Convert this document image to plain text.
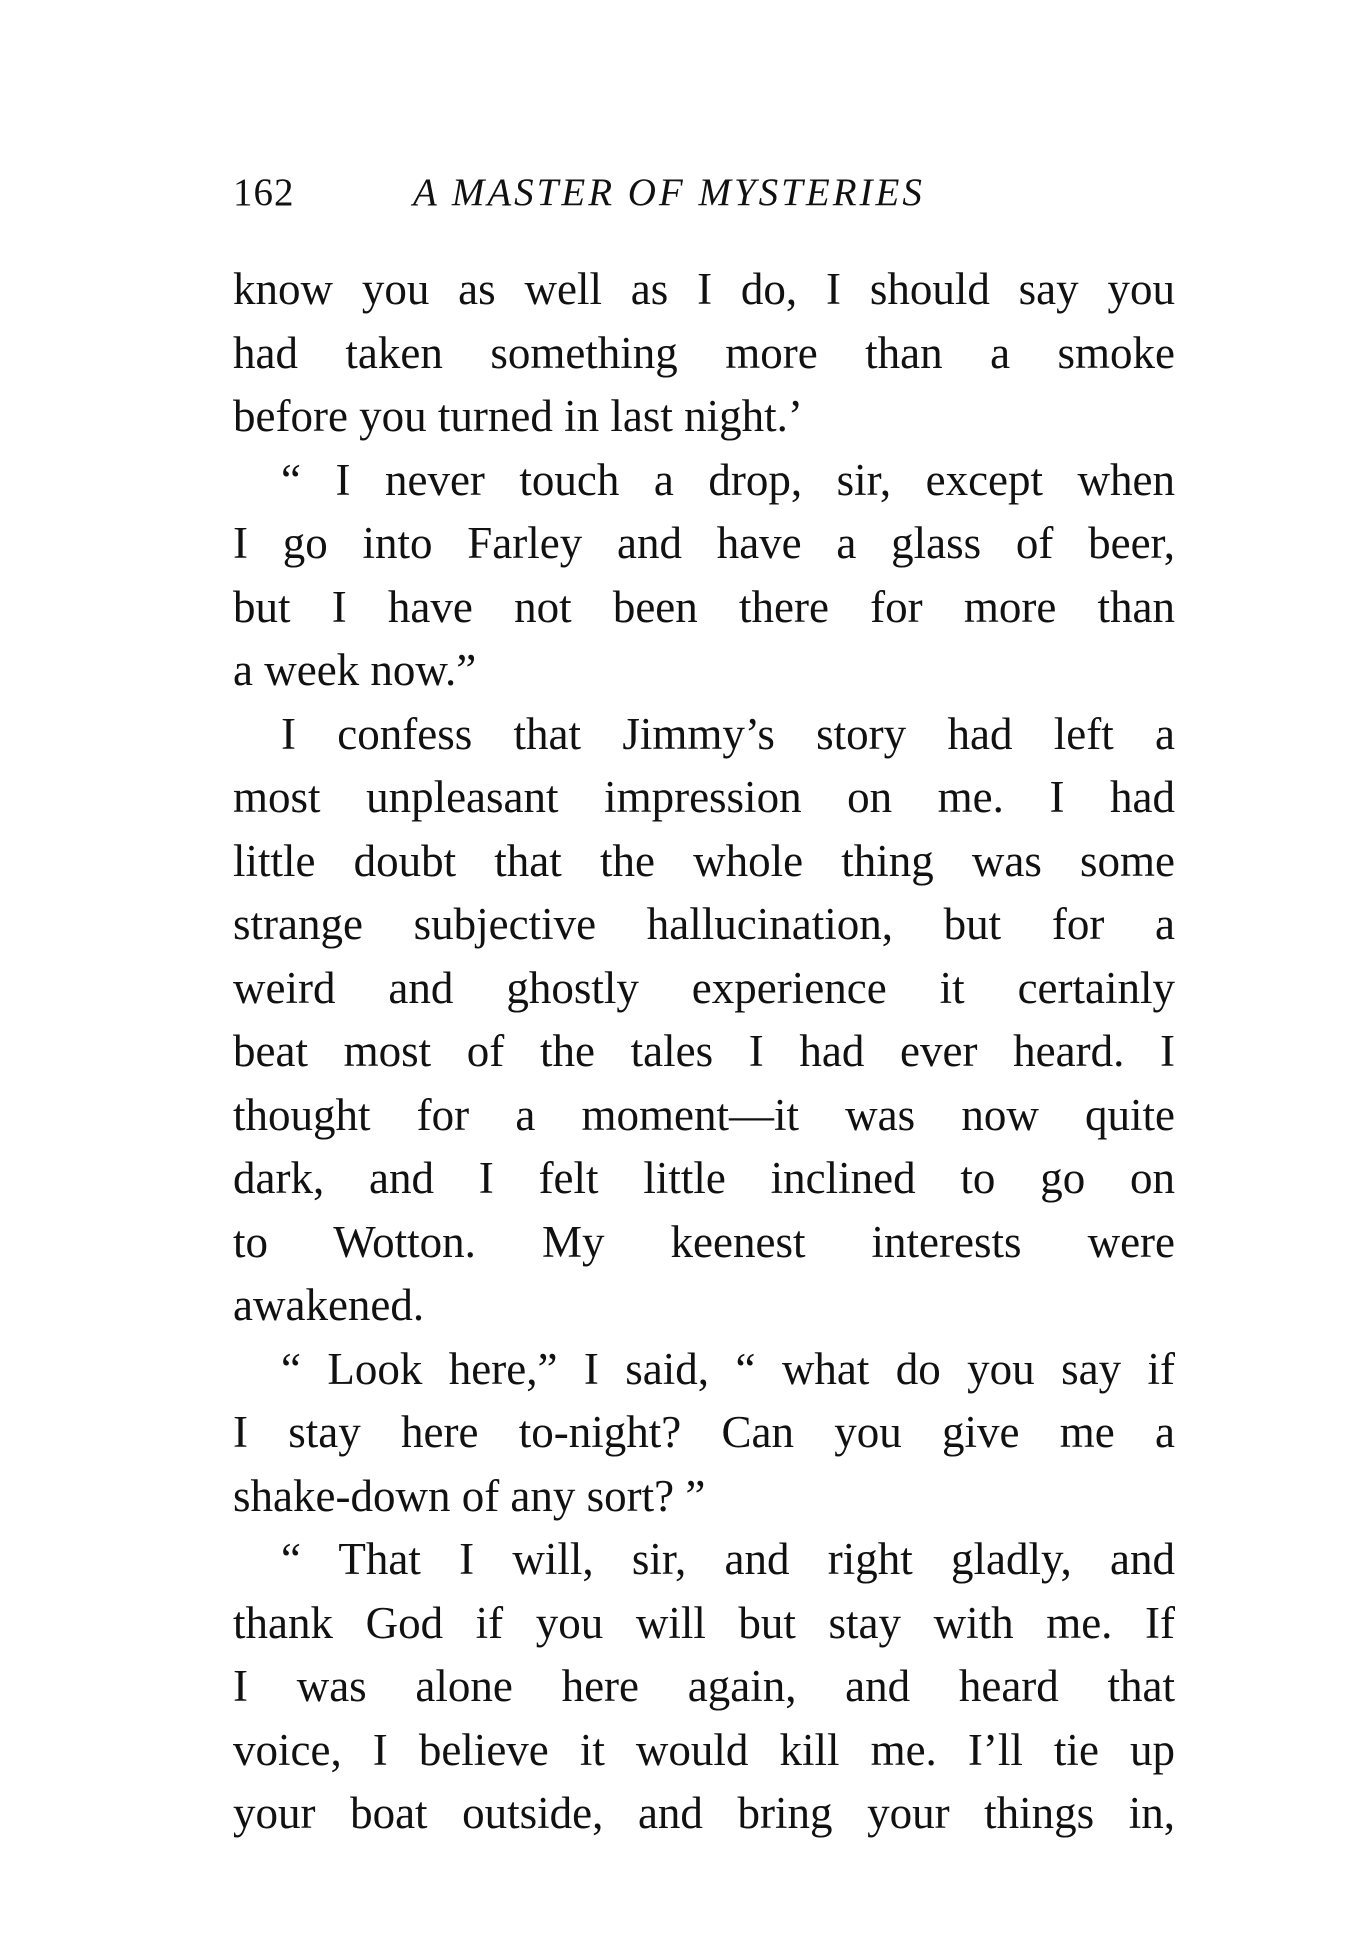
162	A MASTER OF MYSTERIES
know you as well as I do, I should say you
had taken something more than a smoke
before you turned in last night.’
“ I never touch a drop, sir, except when
I go into Farley and have a glass of beer,
but I have not been there for more than
a week now.”
I confess that Jimmy’s story had left a
most unpleasant impression on me. I had
little doubt that the whole thing was some
strange subjective hallucination, but for a
weird and ghostly experience it certainly
beat most of the tales I had ever heard. I
thought for a moment—it was now quite
dark, and I felt little inclined to go on
to Wotton. My keenest interests were
awakened.
“ Look here,” I said, “ what do you say if
I stay here to-night? Can you give me a
shake-down of any sort? ”
“ That I will, sir, and right gladly, and
thank God if you will but stay with me. If
I was alone here again, and heard that
voice, I believe it would kill me. I’ll tie up
your boat outside, and bring your things in,
